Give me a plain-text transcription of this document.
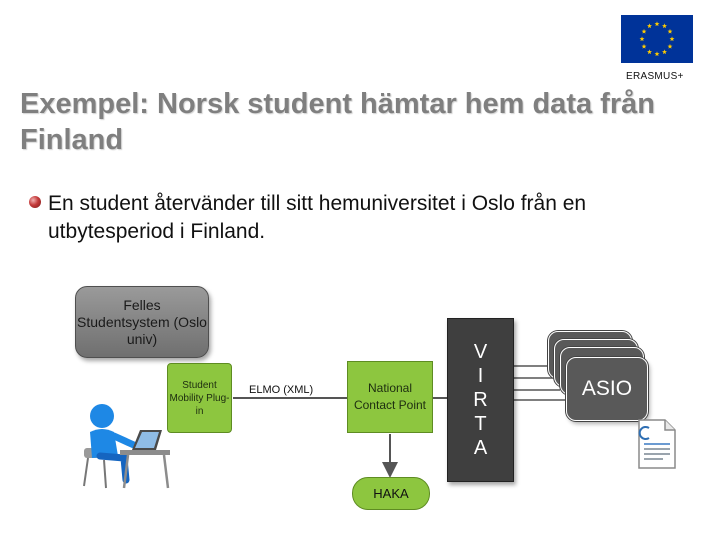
ERASMUS+
Exempel: Norsk student hämtar hem data från Finland
En student återvänder till sitt hemuniversitet i Oslo från en utbytesperiod i Finland.
Felles Studentsystem (Oslo univ)
Student Mobility Plug-in
ELMO (XML)	National Contact Point
HAKA
V
I
R
T
A
ASIO
